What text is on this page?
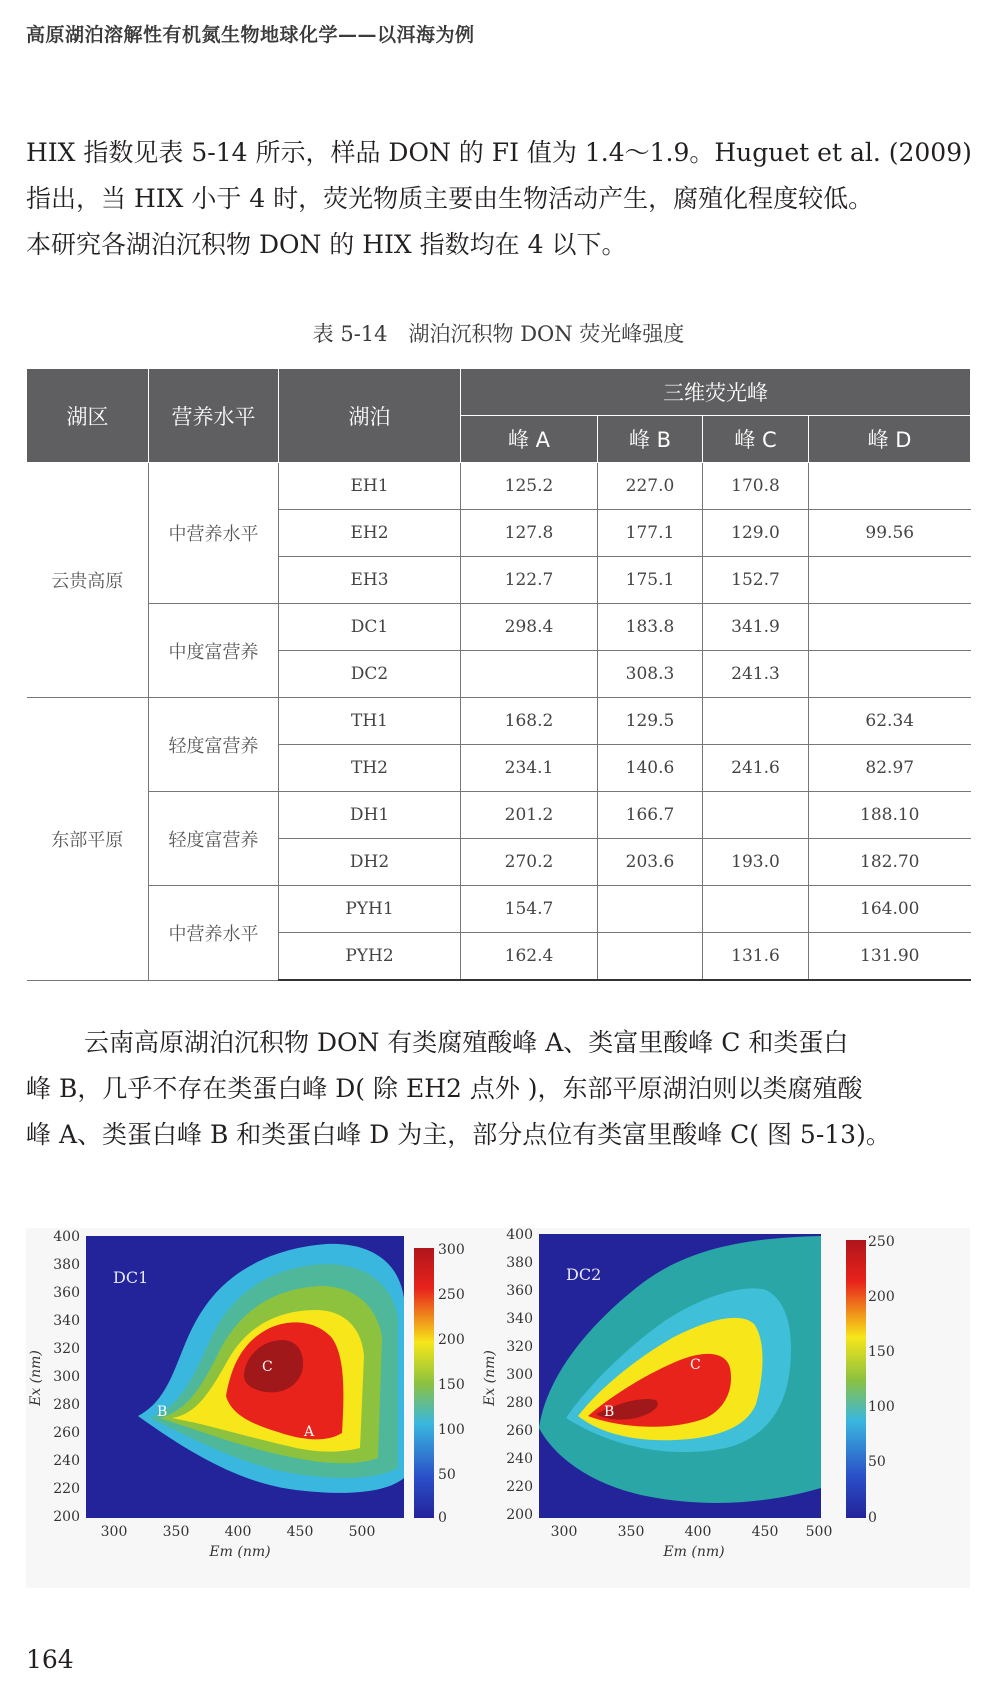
高原湖泊溶解性有机氮生物地球化学——以洱海为例

HIX 指数见表 5-14 所示，样品 DON 的 FI 值为 1.4～1.9。Huguet et al. (2009)

指出，当 HIX 小于 4 时，荧光物质主要由生物活动产生，腐殖化程度较低。

本研究各湖泊沉积物 DON 的 HIX 指数均在 4 以下。

表 5-14　湖泊沉积物 DON 荧光峰强度
湖区	营养水平	湖泊	三维荧光峰			
			峰 A	峰 B	峰 C	峰 D
云贵高原	中营养水平	EH1	125.2	227.0	170.8	
		EH2	127.8	177.1	129.0	99.56
		EH3	122.7	175.1	152.7	
	中度富营养	DC1	298.4	183.8	341.9	
		DC2		308.3	241.3	
东部平原	轻度富营养	TH1	168.2	129.5		62.34
		TH2	234.1	140.6	241.6	82.97
	轻度富营养	DH1	201.2	166.7		188.10
		DH2	270.2	203.6	193.0	182.70
	中营养水平	PYH1	154.7			164.00
		PYH2	162.4		131.6	131.90

云南高原湖泊沉积物 DON 有类腐殖酸峰 A、类富里酸峰 C 和类蛋白

峰 B，几乎不存在类蛋白峰 D( 除 EH2 点外 )，东部平原湖泊则以类腐殖酸

峰 A、类蛋白峰 B 和类蛋白峰 D 为主，部分点位有类富里酸峰 C( 图 5-13)。

DC1
C
B
A
400
380
360
340
320
300
280
260
240
220
200
300	350	400	450	500
Em (nm)
Ex (nm)
300
250
200
150
100
50
0
DC2
C
B
400
380
360
340
320
300
280
260
240
220
200
300	350	400	450 500
Em (nm)
Ex (nm)
250
200
150
100
50
0
164
